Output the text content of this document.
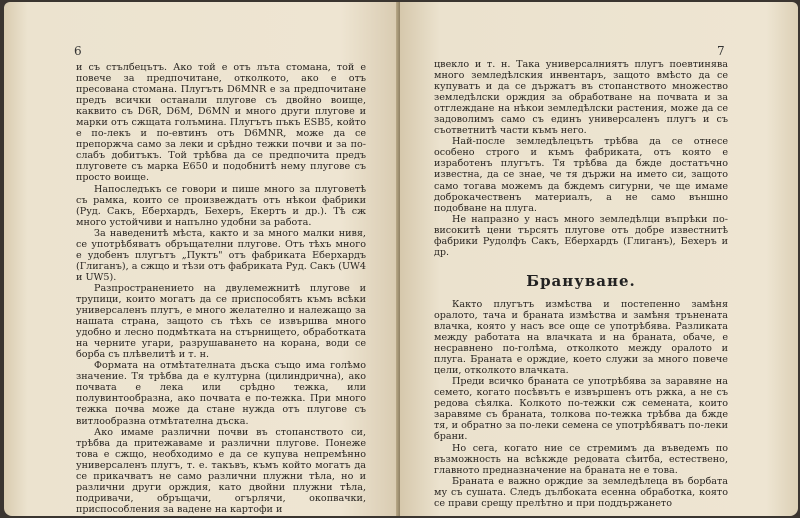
6

и съ стълбецътъ. Ако той е отъ лъта стомана, той е повече за предпочитане, отколкото, ако е отъ пресована стомана. Плугътъ D6MNR е за предпочитане предъ всички останали плугове съ двойно воище, каквито съ D6R, D6M, D6MN и много други плугове и марки отъ сжщата голъмина. Плугътъ пъкъ ESB5, който е по-лекъ и по-евтинъ отъ D6MNR, може да се препоржча само за леки и срѣдно тежки почви и за по-слабъ добитъкъ. Той трѣбва да се предпочита предъ плуговете съ марка E650 и подобнитѣ нему плугове съ просто воище.

Напоследъкъ се говори и пише много за плуговетѣ съ рамка, които се произвеждатъ отъ нѣкои фабрики (Руд. Сакъ, Еберхардъ, Бехеръ, Екертъ и др.). Тѣ сж много устойчиви и напълно удобни за работа.

За наведенитѣ мѣста, както и за много малки нивя, се употрѣбяватъ обръщателни плугове. Отъ тѣхъ много е удобенъ плугътъ „Пуктъ" отъ фабриката Еберхардъ (Глиганъ), а сжщо и тѣзи отъ фабриката Руд. Сакъ (UW4 и UW5).

Разпространението на двулемежнитѣ плугове и трупици, които могатъ да се приспособятъ къмъ всѣки универсаленъ плугъ, е много желателно и належащо за нашата страна, защото съ тѣхъ се извършва много удобно и лесно подмѣтката на стърнището, обработката на черните угари, разрушаването на корана, води се борба съ плѣвелитѣ и т. н.

Формата на отмѣтателната дъска също има голѣмо значение. Тя трѣбва да е културна (цилиндрична), ако почвата е лека или срѣдно тежка, или полувинтообразна, ако почвата е по-тежка. При много тежка почва може да стане нужда отъ плугове съ витлообразна отмѣтателна дъска.

Ако имаме различни почви въ стопанството си, трѣбва да притежаваме и различни плугове. Понеже това е сжщо, необходимо е да се купува непремѣнно универсаленъ плугъ, т. е. такъвъ, къмъ който могатъ да се прикачватъ не само различни плужни тѣла, но и различни други орждия, като двойни плужни тѣла, подривачи, обръщачи, огърлячи, окопвачки, приспособления за вадене на картофи и

7

цвекло и т. н. Така универсалниятъ плугъ поевтинява много земледѣлския инвентаръ, защото вмѣсто да се купуватъ и да се държатъ въ стопанството множество земледѣлски орждия за обработване на почвата и за отглеждане на нѣкои земледѣлски растения, може да се задоволимъ само съ единъ универсаленъ плугъ и съ съответнитѣ части къмъ него.

Най-после земледѣлецътъ трѣбва да се отнесе особено строго и къмъ фабриката, отъ която е изработенъ плугътъ. Тя трѣбва да бжде достатъчно известна, да се знае, че тя държи на името си, защото само тогава можемъ да бждемъ сигурни, че ще имаме доброкачественъ материалъ, а не само външно подобване на плуга.

Не напразно у насъ много земледѣлци въпрѣки по-високитѣ цени търсятъ плугове отъ добре известнитѣ фабрики Рудолфъ Сакъ, Еберхардъ (Глиганъ), Бехеръ и др.

Брануване.

Както плугътъ измѣства и постепенно замѣня оралото, тача и браната измѣства и замѣня трънената влачка, която у насъ все още се употрѣбява. Разликата между работата на влачката и на браната, обаче, е несравнено по-голѣма, отколкото между оралото и плуга. Браната е орждие, което служи за много повече цели, отколкото влачката.

Преди всичко браната се употрѣбява за заравяне на семето, когато посѣвътъ е извършенъ отъ ржка, а не съ редова сѣялка. Колкото по-тежки сж семената, които заравяме съ браната, толкова по-тежка трѣбва да бжде тя, и обратно за по-леки семена се употрѣбяватъ по-леки брани.

Но сега, когато ние се стремимъ да въведемъ по възможность на всѣкжде редовата сѣитба, естествено, главното предназначение на браната не е това.

Браната е важно орждие за земледѣлеца въ борбата му съ сушата. Следъ дълбоката есенна обработка, която се прави срещу прелѣтно и при поддържането
